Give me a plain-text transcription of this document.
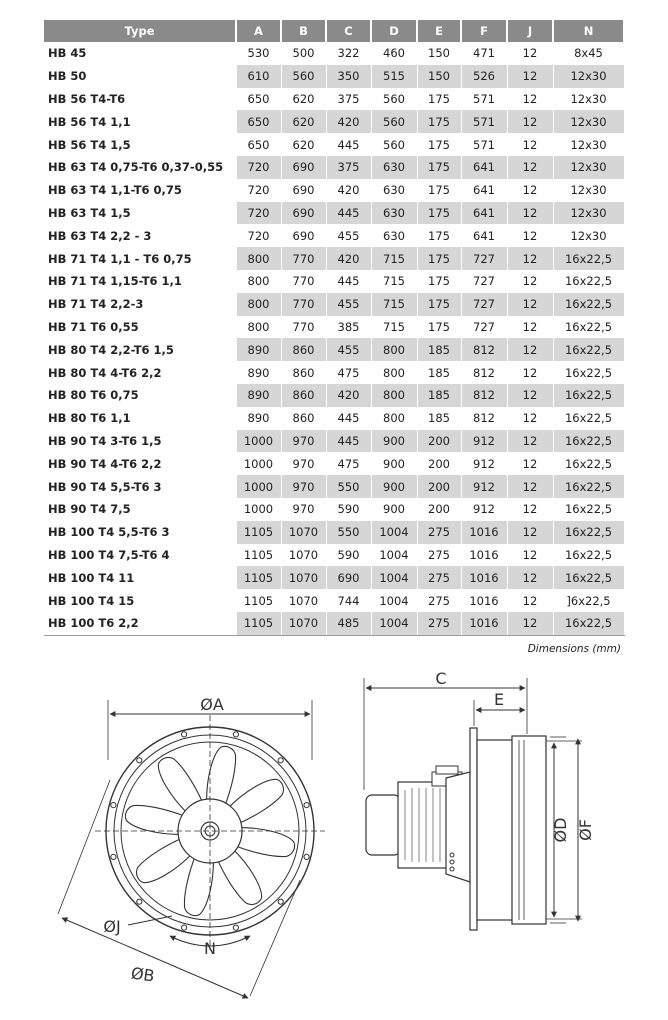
Type	A	B	C	D	E	F	J	N
HB 45	530	500	322	460	150	471	12	8x45
HB 50	610	560	350	515	150	526	12	12x30
HB 56 T4-T6	650	620	375	560	175	571	12	12x30
HB 56 T4 1,1	650	620	420	560	175	571	12	12x30
HB 56 T4 1,5	650	620	445	560	175	571	12	12x30
HB 63 T4 0,75-T6 0,37-0,55	720	690	375	630	175	641	12	12x30
HB 63 T4 1,1-T6 0,75	720	690	420	630	175	641	12	12x30
HB 63 T4 1,5	720	690	445	630	175	641	12	12x30
HB 63 T4 2,2 - 3	720	690	455	630	175	641	12	12x30
HB 71 T4 1,1 - T6 0,75	800	770	420	715	175	727	12	16x22,5
HB 71 T4 1,15-T6 1,1	800	770	445	715	175	727	12	16x22,5
HB 71 T4 2,2-3	800	770	455	715	175	727	12	16x22,5
HB 71 T6 0,55	800	770	385	715	175	727	12	16x22,5
HB 80 T4 2,2-T6 1,5	890	860	455	800	185	812	12	16x22,5
HB 80 T4 4-T6 2,2	890	860	475	800	185	812	12	16x22,5
HB 80 T6 0,75	890	860	420	800	185	812	12	16x22,5
HB 80 T6 1,1	890	860	445	800	185	812	12	16x22,5
HB 90 T4 3-T6 1,5	1000	970	445	900	200	912	12	16x22,5
HB 90 T4 4-T6 2,2	1000	970	475	900	200	912	12	16x22,5
HB 90 T4 5,5-T6 3	1000	970	550	900	200	912	12	16x22,5
HB 90 T4 7,5	1000	970	590	900	200	912	12	16x22,5
HB 100 T4 5,5-T6 3	1105	1070	550	1004	275	1016	12	16x22,5
HB 100 T4 7,5-T6 4	1105	1070	590	1004	275	1016	12	16x22,5
HB 100 T4 11	1105	1070	690	1004	275	1016	12	16x22,5
HB 100 T4 15	1105	1070	744	1004	275	1016	12	]6x22,5
HB 100 T6 2,2	1105	1070	485	1004	275	1016	12	16x22,5
Dimensions (mm)
ØA
ØB
ØJ
N
C
E
ØD ØF
